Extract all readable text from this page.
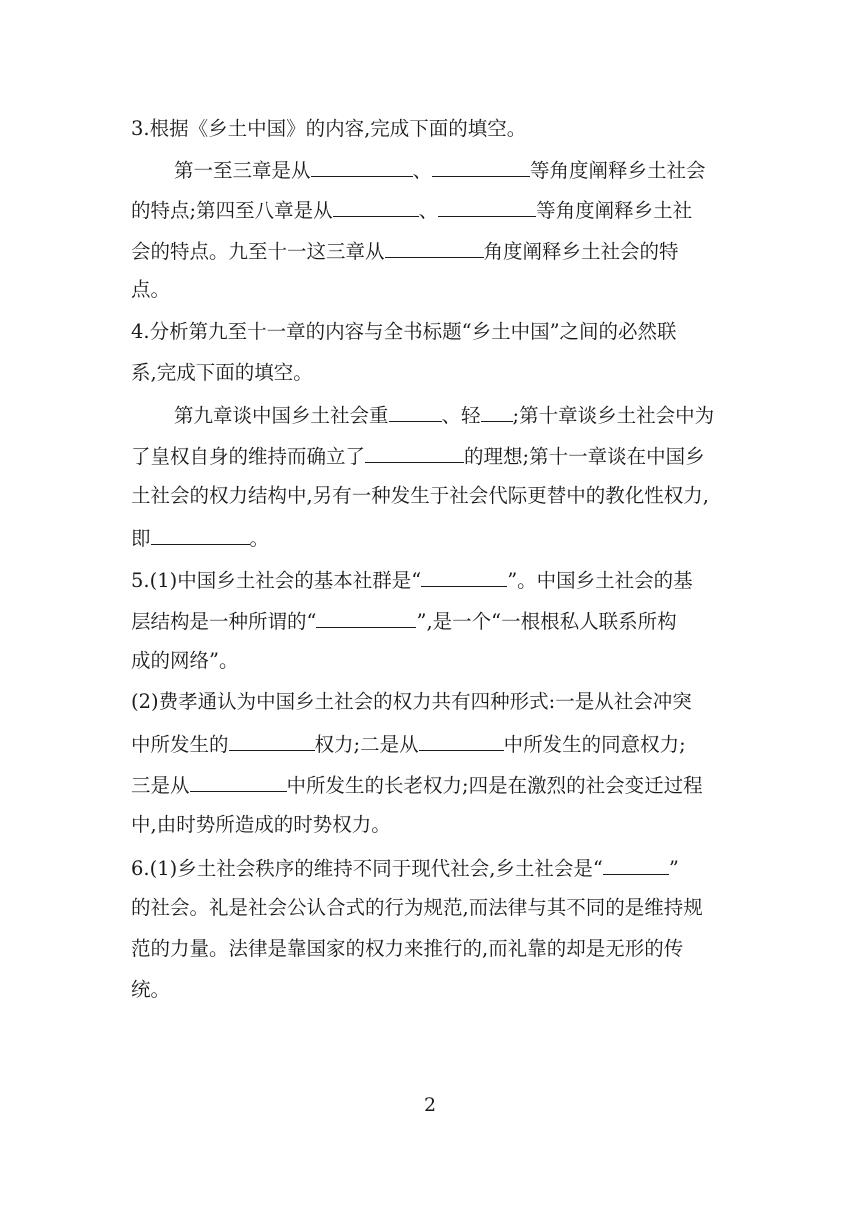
3.根据《乡土中国》的内容,完成下面的填空。

第一至三章是从	、	等角度阐释乡土社会

的特点;第四至八章是从	、	等角度阐释乡土社

会的特点。九至十一这三章从	角度阐释乡土社会的特

点。

4.分析第九至十一章的内容与全书标题“乡土中国”之间的必然联

系,完成下面的填空。

第九章谈中国乡土社会重	、轻 ;第十章谈乡土社会中为

了皇权自身的维持而确立了	的理想;第十一章谈在中国乡

土社会的权力结构中,另有一种发生于社会代际更替中的教化性权力,

即	。

5.(1)中国乡土社会的基本社群是“	”。中国乡土社会的基

层结构是一种所谓的“	”,是一个“一根根私人联系所构

成的网络”。

(2)费孝通认为中国乡土社会的权力共有四种形式:一是从社会冲突

中所发生的	权力;二是从	中所发生的同意权力;

三是从	中所发生的长老权力;四是在激烈的社会变迁过程

中,由时势所造成的时势权力。

6.(1)乡土社会秩序的维持不同于现代社会,乡土社会是“	”

的社会。礼是社会公认合式的行为规范,而法律与其不同的是维持规

范的力量。法律是靠国家的权力来推行的,而礼靠的却是无形的传

统。

2
